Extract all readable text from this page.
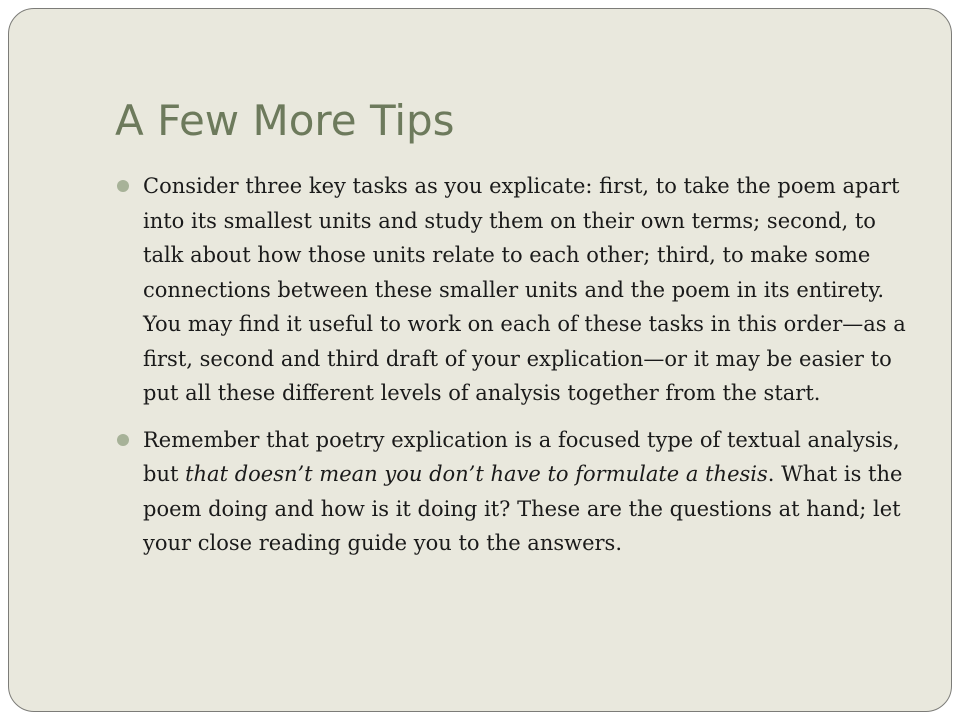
A Few More Tips
Consider three key tasks as you explicate: first, to take the poem apart into its smallest units and study them on their own terms; second, to talk about how those units relate to each other; third, to make some connections between these smaller units and the poem in its entirety. You may find it useful to work on each of these tasks in this order—as a first, second and third draft of your explication—or it may be easier to put all these different levels of analysis together from the start.
Remember that poetry explication is a focused type of textual analysis, but that doesn’t mean you don’t have to formulate a thesis. What is the poem doing and how is it doing it? These are the questions at hand; let your close reading guide you to the answers.
